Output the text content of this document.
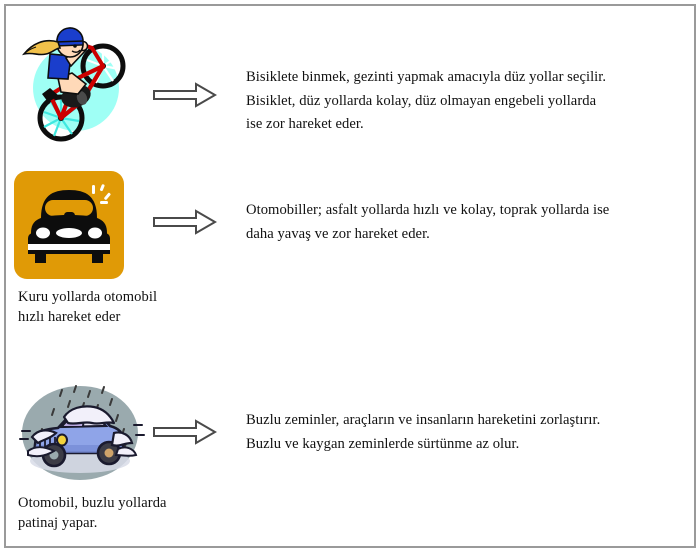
Bisiklete binmek, gezinti yapmak amacıyla düz yollar seçilir.
Bisiklet, düz yollarda kolay, düz olmayan engebeli yollarda
ise zor hareket eder.
Kuru yollarda otomobil
hızlı hareket eder
Otomobiller; asfalt yollarda hızlı ve kolay, toprak yollarda ise
daha yavaş ve zor hareket eder.
Otomobil, buzlu yollarda
patinaj yapar.
Buzlu zeminler, araçların ve insanların hareketini zorlaştırır.
Buzlu ve kaygan zeminlerde sürtünme az olur.
